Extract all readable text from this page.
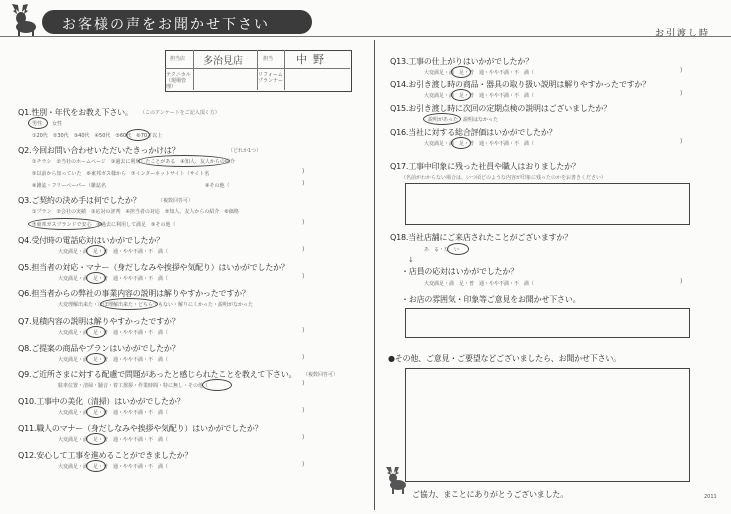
お客様の声をお聞かせ下さい
お引渡し時
担当店 多治見店	担当 中野
テクニカル（現場管理）
リフォームプランナー
Q1.性別・年代をお教え下さい。 （このアンケートをご記入頂く方）
男性　　女性
①20代　②30代　③40代　④50代　⑤60代　⑥70才以上
Q2.今回お問い合わせいただいたきっかけは？	（どれか1つ）
①チラシ　②当社のホームページ　③過去に利用したことがある　④知人、友人からの紹介
⑤以前から知っていた　⑥東邦ガス様から　⑦インターネットサイト（サイト名	)
⑧雑誌・フリーペーパー（雑誌名	⑨その他（	)
Q3.ご契約の決め手は何でしたか？	（複数回答可）
①プラン　②会社の実績　③応対の評判　④担当者の対応　⑤知人、友人からの紹介　⑥価格
⑦東邦ガスブランドで安心　⑧過去に利用して満足　⑨その他（	)
Q4.受付時の電話応対はいかがでしたか？
大変満足・満　足・普　通・やや不満・不　満（	)
Q5.担当者の対応・マナー（身だしなみや挨拶や気配り）はいかがでしたか？
大変満足・満　足・普　通・やや不満・不　満（	)
Q6.担当者からの弊社の事業内容の説明は解りやすかったですか？
大変理解出来た・ほぼ理解出来た・どちらでもない・解りにくかった・説明がなかった
Q7.見積内容の説明は解りやすかったですか？
大変満足・満　足・普　通・やや不満・不　満（	)
Q8.ご提案の商品やプランはいかがでしたか？
大変満足・満　足・普　通・やや不満・不　満（	)
Q9.ご近所さまに対する配慮で問題があったと感じられたことを教えて下さい。 （複数回答可）
駐車位置・清掃・騒音・着工挨拶・作業時間・特に無し・その他（	)
Q10.工事中の美化（清掃）はいかがでしたか？
大変満足・満　足・普　通・やや不満・不　満（	)
Q11.職人のマナー（身だしなみや挨拶や気配り）はいかがでしたか？
大変満足・満　足・普　通・やや不満・不　満（	)
Q12.安心して工事を進めることができましたか？
大変満足・満　足・普　通・やや不満・不　満（	)
Q13.工事の仕上がりはいかがでしたか？
大変満足・満　足・普　通・やや不満・不　満（	)
Q14.お引き渡し時の商品・器具の取り扱い説明は解りやすかったですか？
大変満足・満　足・普　通・やや不満・不　満（	)
Q15.お引き渡し時に次回の定期点検の説明はございましたか？
説明があった　説明はなかった
Q16.当社に対する総合評価はいかがでしたか？
大変満足・満　足・普　通・やや不満・不　満（	)
Q17.工事中印象に残った社員や職人はおりましたか？
（名前がわからない場合は、いつ頃どのような内容が印象に残ったのかをお書きください）
Q18.当社店舗にご来店されたことがございますか？
あ　る・な　い
↓
・店員の応対はいかがでしたか？
大変満足・満　足・普　通・やや不満・不　満（	)
・お店の雰囲気・印象等ご意見をお聞かせ下さい。
●その他、ご意見・ご要望などございましたら、お聞かせ下さい。
ご協力、まことにありがとうございました。	2011
